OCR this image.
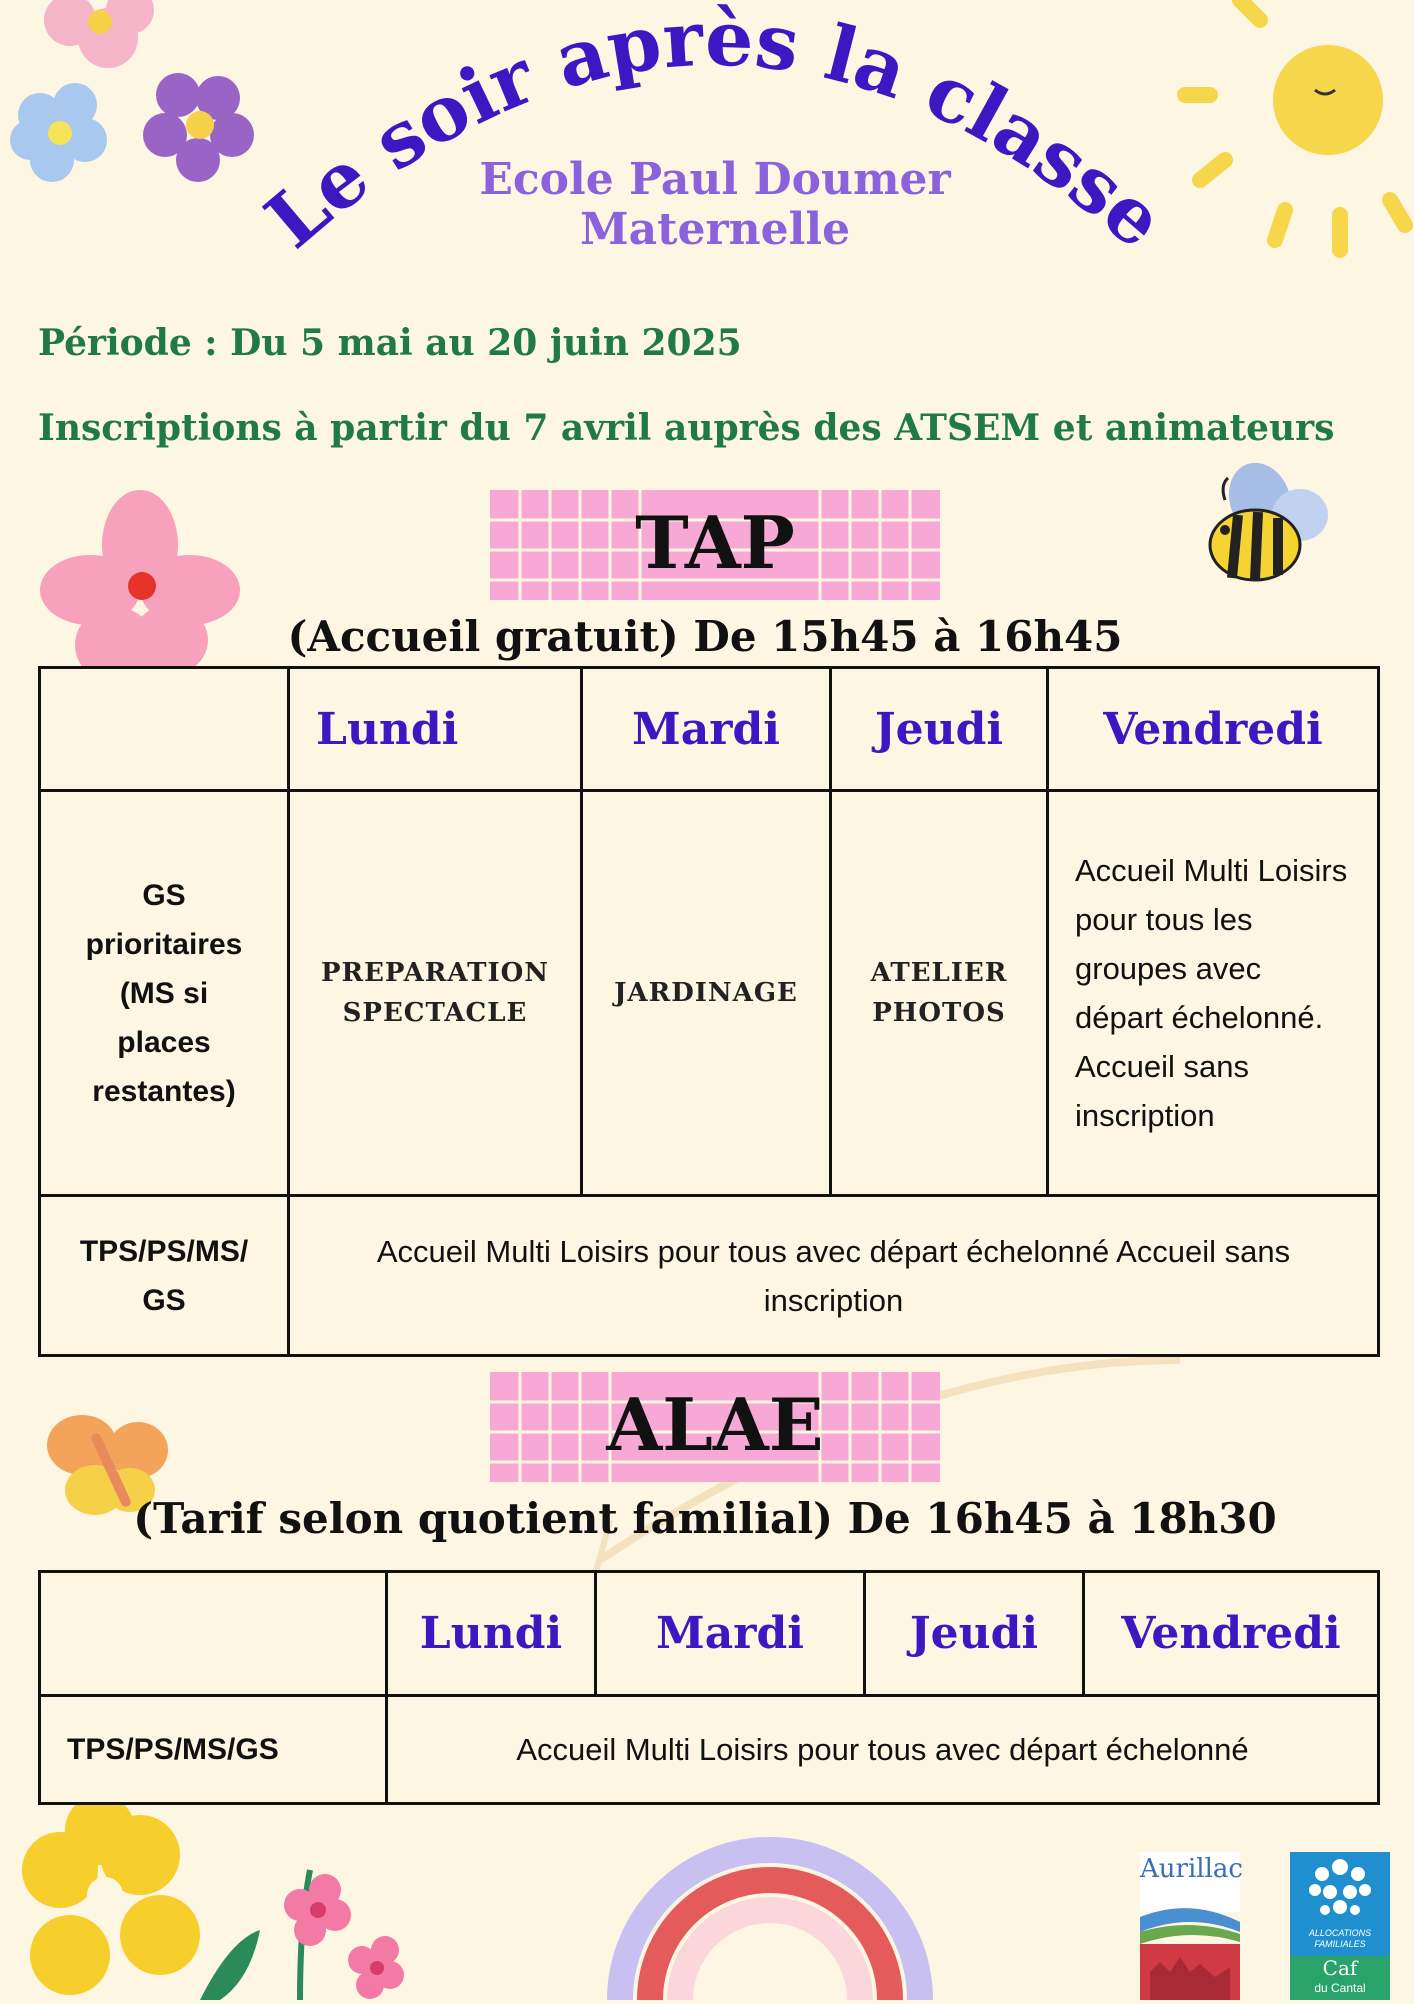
Le soir après la classe
Ecole Paul Doumer
Maternelle
Période : Du 5 mai au 20 juin 2025
Inscriptions à partir du 7 avril auprès des ATSEM et animateurs
TAP
(Accueil gratuit) De 15h45 à 16h45
	Lundi	Mardi	Jeudi	Vendredi
GS prioritaires (MS si places restantes)	PREPARATION SPECTACLE	JARDINAGE	ATELIER PHOTOS	Accueil Multi Loisirs pour tous les groupes avec départ échelonné. Accueil sans inscription
TPS/PS/MS/ GS	Accueil Multi Loisirs pour tous avec départ échelonné Accueil sans inscription			
ALAE
(Tarif selon quotient familial) De 16h45 à 18h30
	Lundi	Mardi	Jeudi	Vendredi
TPS/PS/MS/GS	Accueil Multi Loisirs pour tous avec départ échelonné			
Aurillac
ALLOCATIONS
FAMILIALES
Caf
du Cantal
